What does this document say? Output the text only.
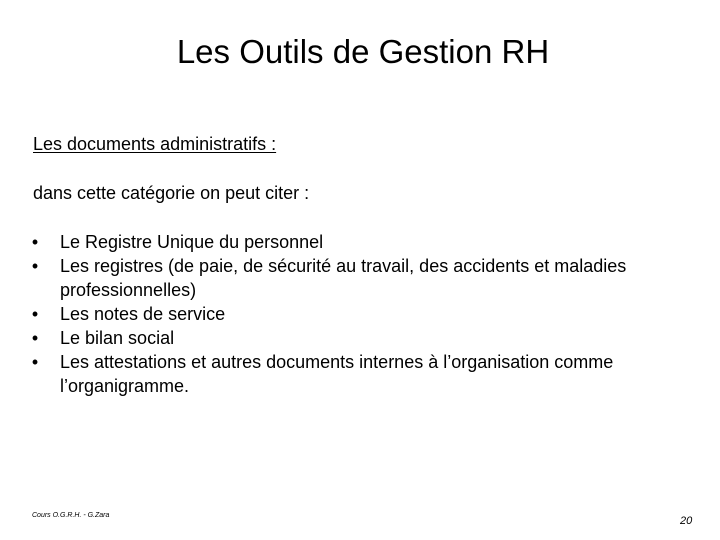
Les Outils de Gestion RH

Les documents administratifs :

dans cette catégorie on peut citer :

• Le Registre Unique du personnel
• Les registres (de paie, de sécurité au travail, des accidents et maladies professionnelles)
• Les notes de service
• Le bilan social
• Les attestations et autres documents internes à l’organisation comme l’organigramme.

Cours O.G.R.H. - G.Zara	20
